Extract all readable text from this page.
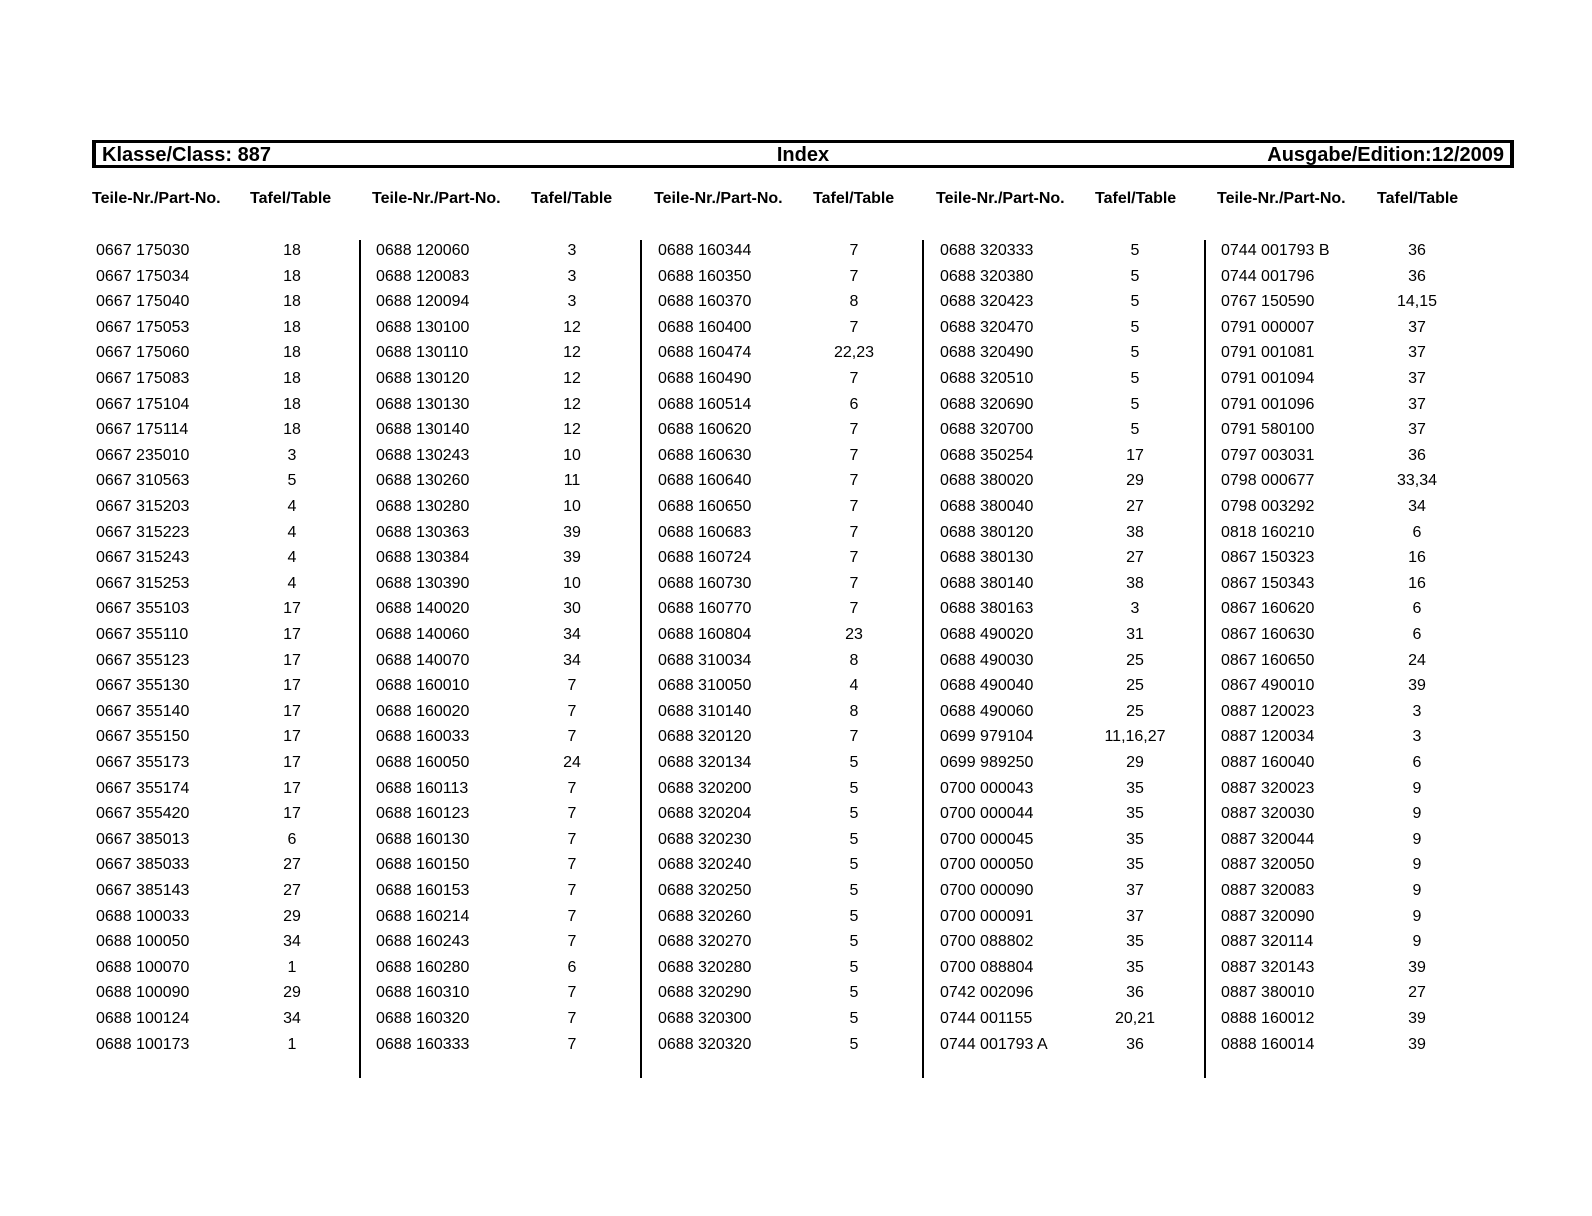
Klasse/Class: 887	Index	Ausgabe/Edition:12/2009
Teile-Nr./Part-No. Tafel/Table
0667 175030	18
0667 175034	18
0667 175040	18
0667 175053	18
0667 175060	18
0667 175083	18
0667 175104	18
0667 175114	18
0667 235010	3
0667 310563	5
0667 315203	4
0667 315223	4
0667 315243	4
0667 315253	4
0667 355103	17
0667 355110	17
0667 355123	17
0667 355130	17
0667 355140	17
0667 355150	17
0667 355173	17
0667 355174	17
0667 355420	17
0667 385013	6
0667 385033	27
0667 385143	27
0688 100033	29
0688 100050	34
0688 100070	1
0688 100090	29
0688 100124	34
0688 100173	1
Teile-Nr./Part-No. Tafel/Table
0688 120060	3
0688 120083	3
0688 120094	3
0688 130100	12
0688 130110	12
0688 130120	12
0688 130130	12
0688 130140	12
0688 130243	10
0688 130260	11
0688 130280	10
0688 130363	39
0688 130384	39
0688 130390	10
0688 140020	30
0688 140060	34
0688 140070	34
0688 160010	7
0688 160020	7
0688 160033	7
0688 160050	24
0688 160113	7
0688 160123	7
0688 160130	7
0688 160150	7
0688 160153	7
0688 160214	7
0688 160243	7
0688 160280	6
0688 160310	7
0688 160320	7
0688 160333	7
Teile-Nr./Part-No. Tafel/Table
0688 160344	7
0688 160350	7
0688 160370	8
0688 160400	7
0688 160474	22,23
0688 160490	7
0688 160514	6
0688 160620	7
0688 160630	7
0688 160640	7
0688 160650	7
0688 160683	7
0688 160724	7
0688 160730	7
0688 160770	7
0688 160804	23
0688 310034	8
0688 310050	4
0688 310140	8
0688 320120	7
0688 320134	5
0688 320200	5
0688 320204	5
0688 320230	5
0688 320240	5
0688 320250	5
0688 320260	5
0688 320270	5
0688 320280	5
0688 320290	5
0688 320300	5
0688 320320	5
Teile-Nr./Part-No. Tafel/Table
0688 320333	5
0688 320380	5
0688 320423	5
0688 320470	5
0688 320490	5
0688 320510	5
0688 320690	5
0688 320700	5
0688 350254	17
0688 380020	29
0688 380040	27
0688 380120	38
0688 380130	27
0688 380140	38
0688 380163	3
0688 490020	31
0688 490030	25
0688 490040	25
0688 490060	25
0699 979104	11,16,27
0699 989250	29
0700 000043	35
0700 000044	35
0700 000045	35
0700 000050	35
0700 000090	37
0700 000091	37
0700 088802	35
0700 088804	35
0742 002096	36
0744 001155	20,21
0744 001793 A	36
Teile-Nr./Part-No. Tafel/Table
0744 001793 B	36
0744 001796	36
0767 150590	14,15
0791 000007	37
0791 001081	37
0791 001094	37
0791 001096	37
0791 580100	37
0797 003031	36
0798 000677	33,34
0798 003292	34
0818 160210	6
0867 150323	16
0867 150343	16
0867 160620	6
0867 160630	6
0867 160650	24
0867 490010	39
0887 120023	3
0887 120034	3
0887 160040	6
0887 320023	9
0887 320030	9
0887 320044	9
0887 320050	9
0887 320083	9
0887 320090	9
0887 320114	9
0887 320143	39
0887 380010	27
0888 160012	39
0888 160014	39
